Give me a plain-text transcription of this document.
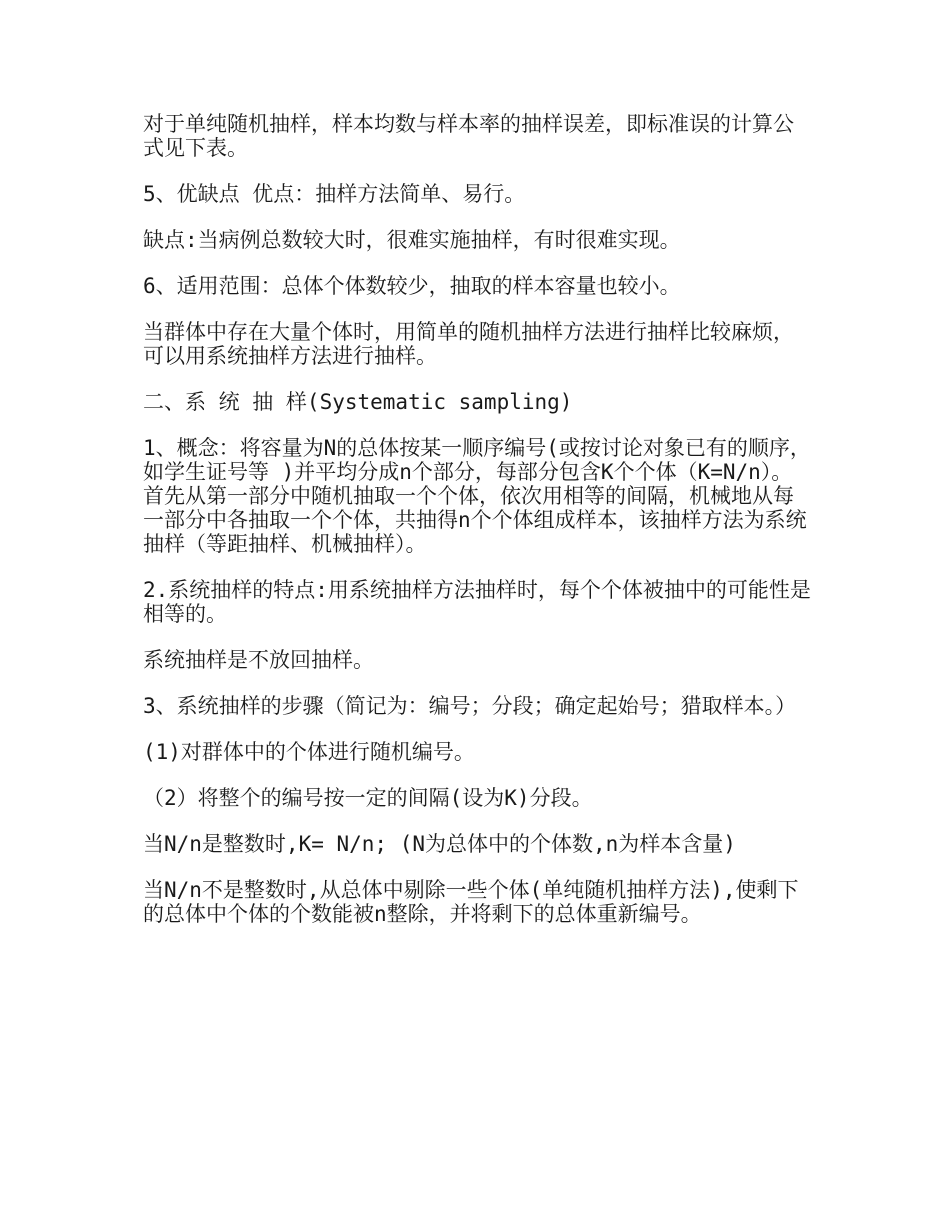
对于单纯随机抽样，样本均数与样本率的抽样误差，即标准误的计算公式见下表。

5、优缺点 优点：抽样方法简单、易行。

缺点:当病例总数较大时，很难实施抽样，有时很难实现。

6、适用范围：总体个体数较少，抽取的样本容量也较小。

当群体中存在大量个体时，用简单的随机抽样方法进行抽样比较麻烦，可以用系统抽样方法进行抽样。

二、系 统 抽 样(Systematic sampling)

1、概念：将容量为N的总体按某一顺序编号(或按讨论对象已有的顺序，如学生证号等 )并平均分成n个部分，每部分包含K个个体（K=N/n）。首先从第一部分中随机抽取一个个体，依次用相等的间隔，机械地从每一部分中各抽取一个个体，共抽得n个个体组成样本，该抽样方法为系统抽样（等距抽样、机械抽样）。

2.系统抽样的特点:用系统抽样方法抽样时，每个个体被抽中的可能性是相等的。

系统抽样是不放回抽样。

3、系统抽样的步骤（简记为：编号；分段；确定起始号；猎取样本。）

(1)对群体中的个体进行随机编号。

（2）将整个的编号按一定的间隔(设为K)分段。

当N/n是整数时,K= N/n; (N为总体中的个体数,n为样本含量)

当N/n不是整数时,从总体中剔除一些个体(单纯随机抽样方法),使剩下的总体中个体的个数能被n整除，并将剩下的总体重新编号。
